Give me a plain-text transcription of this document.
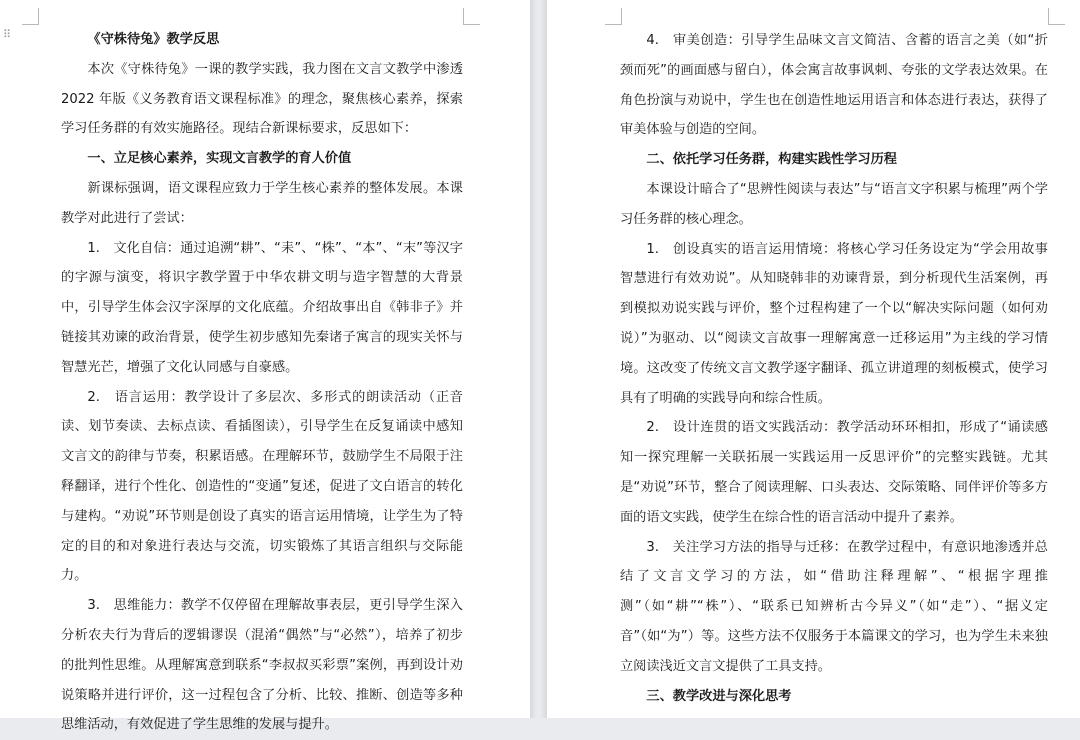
⠿	《守株待兔》教学反思

本次《守株待兔》一课的教学实践，我力图在文言文教学中渗透 2022 年版《义务教育语文课程标准》的理念，聚焦核心素养，探索学习任务群的有效实施路径。现结合新课标要求，反思如下：

一、立足核心素养，实现文言教学的育人价值

新课标强调，语文课程应致力于学生核心素养的整体发展。本课教学对此进行了尝试：

1.　文化自信：通过追溯“耕”、“耒”、“株”、“本”、“末”等汉字的字源与演变，将识字教学置于中华农耕文明与造字智慧的大背景中，引导学生体会汉字深厚的文化底蕴。介绍故事出自《韩非子》并链接其劝谏的政治背景，使学生初步感知先秦诸子寓言的现实关怀与智慧光芒，增强了文化认同感与自豪感。

2.　语言运用：教学设计了多层次、多形式的朗读活动（正音读、划节奏读、去标点读、看插图读），引导学生在反复诵读中感知文言文的韵律与节奏，积累语感。在理解环节，鼓励学生不局限于注释翻译，进行个性化、创造性的“变通”复述，促进了文白语言的转化与建构。“劝说”环节则是创设了真实的语言运用情境，让学生为了特定的目的和对象进行表达与交流，切实锻炼了其语言组织与交际能力。

3.　思维能力：教学不仅停留在理解故事表层，更引导学生深入分析农夫行为背后的逻辑谬误（混淆“偶然”与“必然”），培养了初步的批判性思维。从理解寓意到联系“李叔叔买彩票”案例，再到设计劝说策略并进行评价，这一过程包含了分析、比较、推断、创造等多种思维活动，有效促进了学生思维的发展与提升。

4.　审美创造：引导学生品味文言文简洁、含蓄的语言之美（如“折颈而死”的画面感与留白），体会寓言故事讽刺、夸张的文学表达效果。在角色扮演与劝说中，学生也在创造性地运用语言和体态进行表达，获得了审美体验与创造的空间。

二、依托学习任务群，构建实践性学习历程

本课设计暗合了“思辨性阅读与表达”与“语言文字积累与梳理”两个学习任务群的核心理念。

1.　创设真实的语言运用情境：将核心学习任务设定为“学会用故事智慧进行有效劝说”。从知晓韩非的劝谏背景，到分析现代生活案例，再到模拟劝说实践与评价，整个过程构建了一个以“解决实际问题（如何劝说）”为驱动、以“阅读文言故事一理解寓意一迁移运用”为主线的学习情境。这改变了传统文言文教学逐字翻译、孤立讲道理的刻板模式，使学习具有了明确的实践导向和综合性质。

2.　设计连贯的语文实践活动：教学活动环环相扣，形成了“诵读感知一探究理解一关联拓展一实践运用一反思评价”的完整实践链。尤其是“劝说”环节，整合了阅读理解、口头表达、交际策略、同伴评价等多方面的语文实践，使学生在综合性的语言活动中提升了素养。

3.　关注学习方法的指导与迁移：在教学过程中，有意识地渗透并总结了文言文学习的方法，如“借助注释理解”、“根据字理推测”（如“耕”“株”）、“联系已知辨析古今异义”（如“走”）、“据义定音”（如“为”）等。这些方法不仅服务于本篇课文的学习，也为学生未来独立阅读浅近文言文提供了工具支持。

三、教学改进与深化思考
